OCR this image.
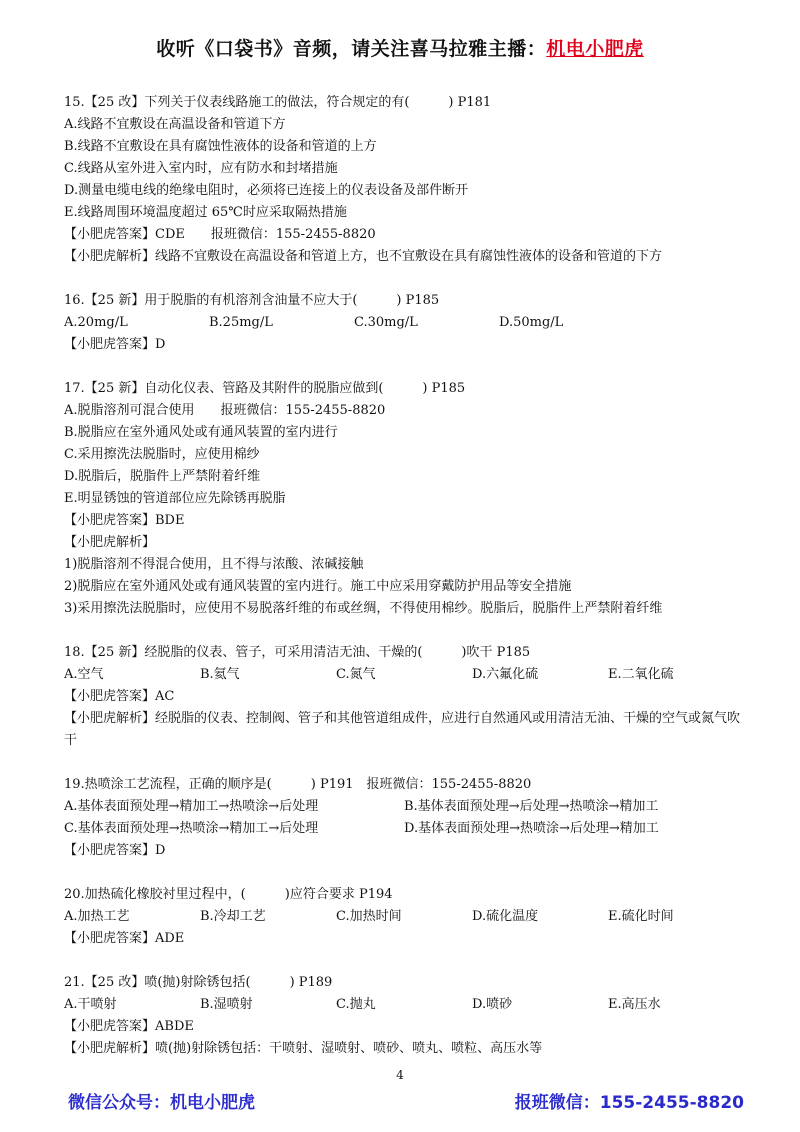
收听《口袋书》音频，请关注喜马拉雅主播：机电小肥虎
15.【25 改】下列关于仪表线路施工的做法，符合规定的有(　　　) P181
A.线路不宜敷设在高温设备和管道下方
B.线路不宜敷设在具有腐蚀性液体的设备和管道的上方
C.线路从室外进入室内时，应有防水和封堵措施
D.测量电缆电线的绝缘电阻时，必须将已连接上的仪表设备及部件断开
E.线路周围环境温度超过 65℃时应采取隔热措施
【小肥虎答案】CDE　　报班微信：155-2455-8820
【小肥虎解析】线路不宜敷设在高温设备和管道上方，也不宜敷设在具有腐蚀性液体的设备和管道的下方
16.【25 新】用于脱脂的有机溶剂含油量不应大于(　　　) P185
A.20mg/L	B.25mg/L	C.30mg/L	D.50mg/L
【小肥虎答案】D
17.【25 新】自动化仪表、管路及其附件的脱脂应做到(　　　) P185
A.脱脂溶剂可混合使用　　报班微信：155-2455-8820
B.脱脂应在室外通风处或有通风装置的室内进行
C.采用擦洗法脱脂时，应使用棉纱
D.脱脂后，脱脂件上严禁附着纤维
E.明显锈蚀的管道部位应先除锈再脱脂
【小肥虎答案】BDE
【小肥虎解析】
1)脱脂溶剂不得混合使用，且不得与浓酸、浓碱接触
2)脱脂应在室外通风处或有通风装置的室内进行。施工中应采用穿戴防护用品等安全措施
3)采用擦洗法脱脂时，应使用不易脱落纤维的布或丝绸，不得使用棉纱。脱脂后，脱脂件上严禁附着纤维
18.【25 新】经脱脂的仪表、管子，可采用清洁无油、干燥的(　　　)吹干 P185
A.空气	B.氦气	C.氮气	D.六氟化硫	E.二氧化硫
【小肥虎答案】AC
【小肥虎解析】经脱脂的仪表、控制阀、管子和其他管道组成件，应进行自然通风或用清洁无油、干燥的空气或氮气吹干
19.热喷涂工艺流程，正确的顺序是(　　　) P191　报班微信：155-2455-8820
A.基体表面预处理→精加工→热喷涂→后处理	B.基体表面预处理→后处理→热喷涂→精加工
C.基体表面预处理→热喷涂→精加工→后处理	D.基体表面预处理→热喷涂→后处理→精加工
【小肥虎答案】D
20.加热硫化橡胶衬里过程中，(　　　)应符合要求 P194
A.加热工艺	B.冷却工艺	C.加热时间	D.硫化温度	E.硫化时间
【小肥虎答案】ADE
21.【25 改】喷(抛)射除锈包括(　　　) P189
A.干喷射	B.湿喷射	C.抛丸	D.喷砂	E.高压水
【小肥虎答案】ABDE
【小肥虎解析】喷(抛)射除锈包括：干喷射、湿喷射、喷砂、喷丸、喷粒、高压水等
4
微信公众号：机电小肥虎	报班微信：155-2455-8820
